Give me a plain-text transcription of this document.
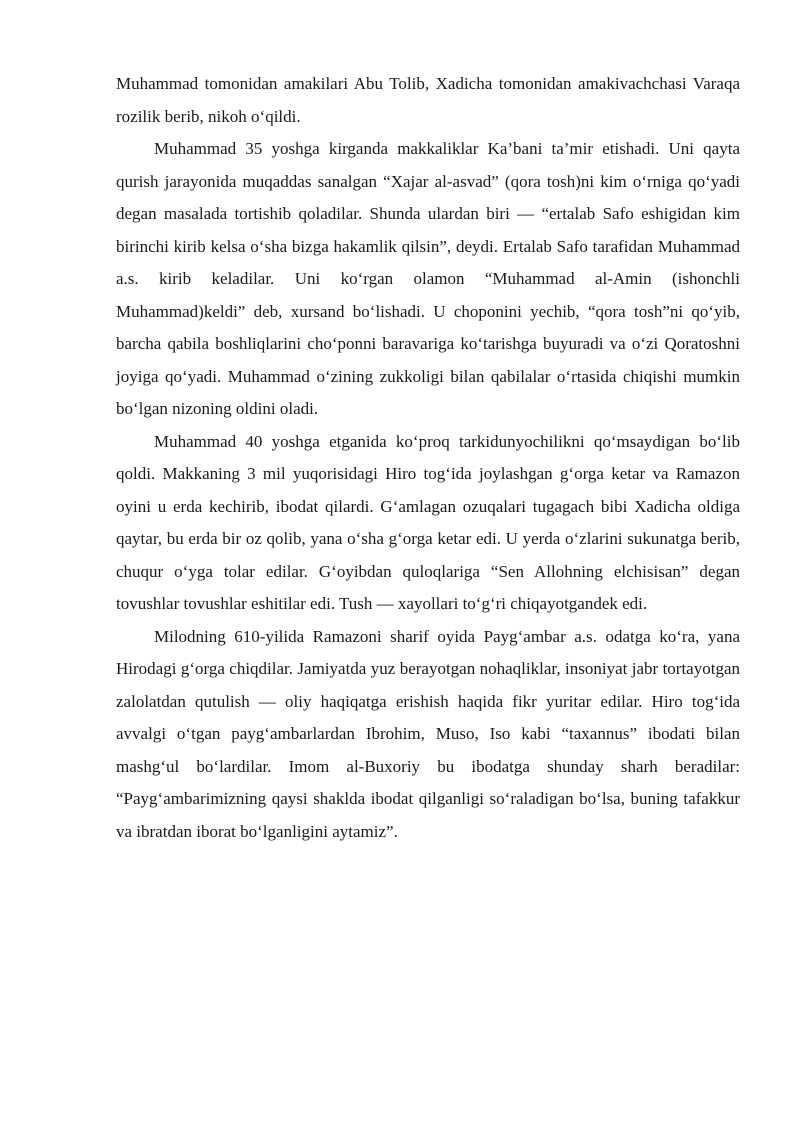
Muhammad tomonidan amakilari Abu Tolib, Xadicha tomonidan amakivachchasi Varaqa rozilik berib, nikoh o‘qildi.

Muhammad 35 yoshga kirganda makkaliklar Ka’bani ta’mir etishadi. Uni qayta qurish jarayonida muqaddas sanalgan “Xajar al-asvad” (qora tosh)ni kim o‘rniga qo‘yadi degan masalada tortishib qoladilar. Shunda ulardan biri — “ertalab Safo eshigidan kim birinchi kirib kelsa o‘sha bizga hakamlik qilsin”, deydi. Ertalab Safo tarafidan Muhammad a.s. kirib keladilar. Uni ko‘rgan olamon “Muhammad al-Amin (ishonchli Muhammad)keldi” deb, xursand bo‘lishadi. U choponini yechib, “qora tosh”ni qo‘yib, barcha qabila boshliqlarini cho‘ponni baravariga ko‘tarishga buyuradi va o‘zi Qoratoshni joyiga qo‘yadi. Muhammad o‘zining zukkoligi bilan qabilalar o‘rtasida chiqishi mumkin bo‘lgan nizoning oldini oladi.

Muhammad 40 yoshga etganida ko‘proq tarkidunyochilikni qo‘msaydigan bo‘lib qoldi. Makkaning 3 mil yuqorisidagi Hiro tog‘ida joylashgan g‘orga ketar va Ramazon oyini u erda kechirib, ibodat qilardi. G‘amlagan ozuqalari tugagach bibi Xadicha oldiga qaytar, bu erda bir oz qolib, yana o‘sha g‘orga ketar edi. U yerda o‘zlarini sukunatga berib, chuqur o‘yga tolar edilar. G‘oyibdan quloqlariga “Sen Allohning elchisisan” degan tovushlar tovushlar eshitilar edi. Tush — xayollari to‘g‘ri chiqayotgandek edi.

Milodning 610-yilida Ramazoni sharif oyida Payg‘ambar a.s. odatga ko‘ra, yana Hirodagi g‘orga chiqdilar. Jamiyatda yuz berayotgan nohaqliklar, insoniyat jabr tortayotgan zalolatdan qutulish — oliy haqiqatga erishish haqida fikr yuritar edilar. Hiro tog‘ida avvalgi o‘tgan payg‘ambarlardan Ibrohim, Muso, Iso kabi “taxannus” ibodati bilan mashg‘ul bo‘lardilar. Imom al-Buxoriy bu ibodatga shunday sharh beradilar: “Payg‘ambarimizning qaysi shaklda ibodat qilganligi so‘raladigan bo‘lsa, buning tafakkur va ibratdan iborat bo‘lganligini aytamiz”.
